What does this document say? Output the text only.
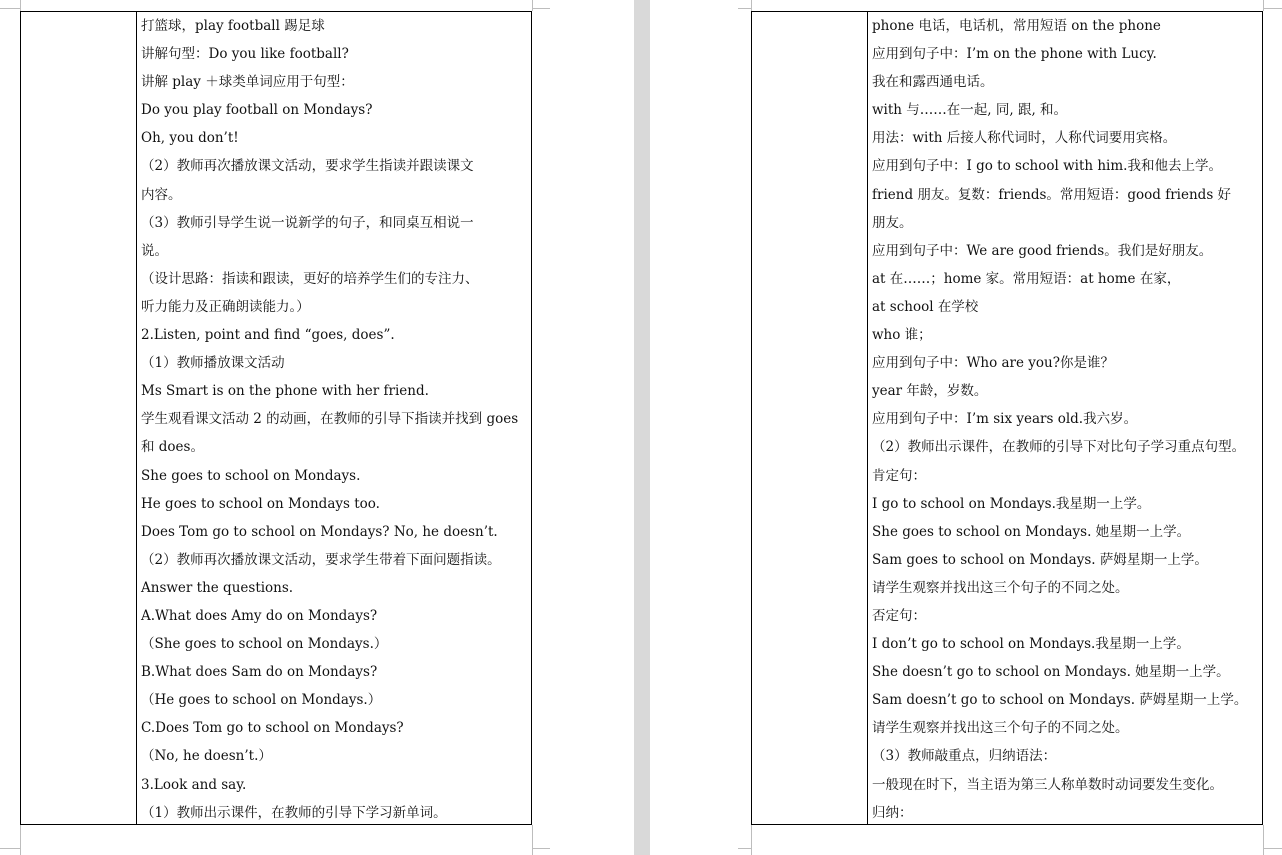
打篮球，play football 踢足球
讲解句型：Do you like football?
讲解 play ＋球类单词应用于句型：
Do you play football on Mondays?
Oh, you don’t!
（2）教师再次播放课文活动，要求学生指读并跟读课文
内容。
（3）教师引导学生说一说新学的句子，和同桌互相说一
说。
（设计思路：指读和跟读，更好的培养学生们的专注力、
听力能力及正确朗读能力。）
2.Listen, point and find “goes, does”.
（1）教师播放课文活动
Ms Smart is on the phone with her friend.
学生观看课文活动 2 的动画，在教师的引导下指读并找到 goes
和 does。
She goes to school on Mondays.
He goes to school on Mondays too.
Does Tom go to school on Mondays? No, he doesn’t.
（2）教师再次播放课文活动，要求学生带着下面问题指读。
Answer the questions.
A.What does Amy do on Mondays?
（She goes to school on Mondays.）
B.What does Sam do on Mondays?
（He goes to school on Mondays.）
C.Does Tom go to school on Mondays?
（No, he doesn’t.）
3.Look and say.
（1）教师出示课件，在教师的引导下学习新单词。
phone 电话，电话机，常用短语 on the phone
应用到句子中：I’m on the phone with Lucy.
我在和露西通电话。
with 与……在一起, 同, 跟, 和。
用法：with 后接人称代词时，人称代词要用宾格。
应用到句子中：I go to school with him.我和他去上学。
friend 朋友。复数：friends。常用短语：good friends 好
朋友。
应用到句子中：We are good friends。我们是好朋友。
at 在……；home 家。常用短语：at home 在家，
at school 在学校
who 谁；
应用到句子中：Who are you?你是谁？
year 年龄，岁数。
应用到句子中：I’m six years old.我六岁。
（2）教师出示课件，在教师的引导下对比句子学习重点句型。
肯定句：
I go to school on Mondays.我星期一上学。
She goes to school on Mondays. 她星期一上学。
Sam goes to school on Mondays. 萨姆星期一上学。
请学生观察并找出这三个句子的不同之处。
否定句：
I don’t go to school on Mondays.我星期一上学。
She doesn’t go to school on Mondays. 她星期一上学。
Sam doesn’t go to school on Mondays. 萨姆星期一上学。
请学生观察并找出这三个句子的不同之处。
（3）教师敲重点，归纳语法：
一般现在时下，当主语为第三人称单数时动词要发生变化。
归纳：
